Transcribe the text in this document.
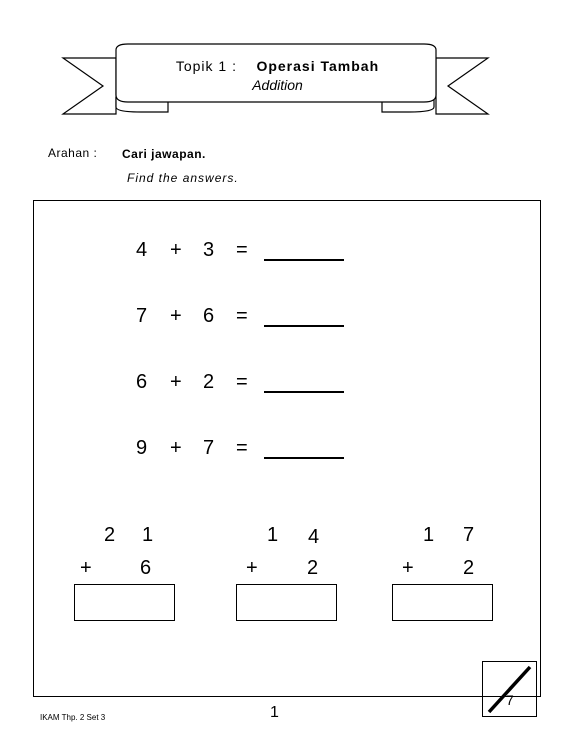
Topik 1 : Operasi Tambah
Addition
Arahan : Cari jawapan.
Find the answers.
4 + 3 =
7 + 6 =
6 + 2 =
9 + 7 =
2 1
+ 6
1 4
+ 2
1 7
+ 2
7
IKAM Thp. 2 Set 3	1
